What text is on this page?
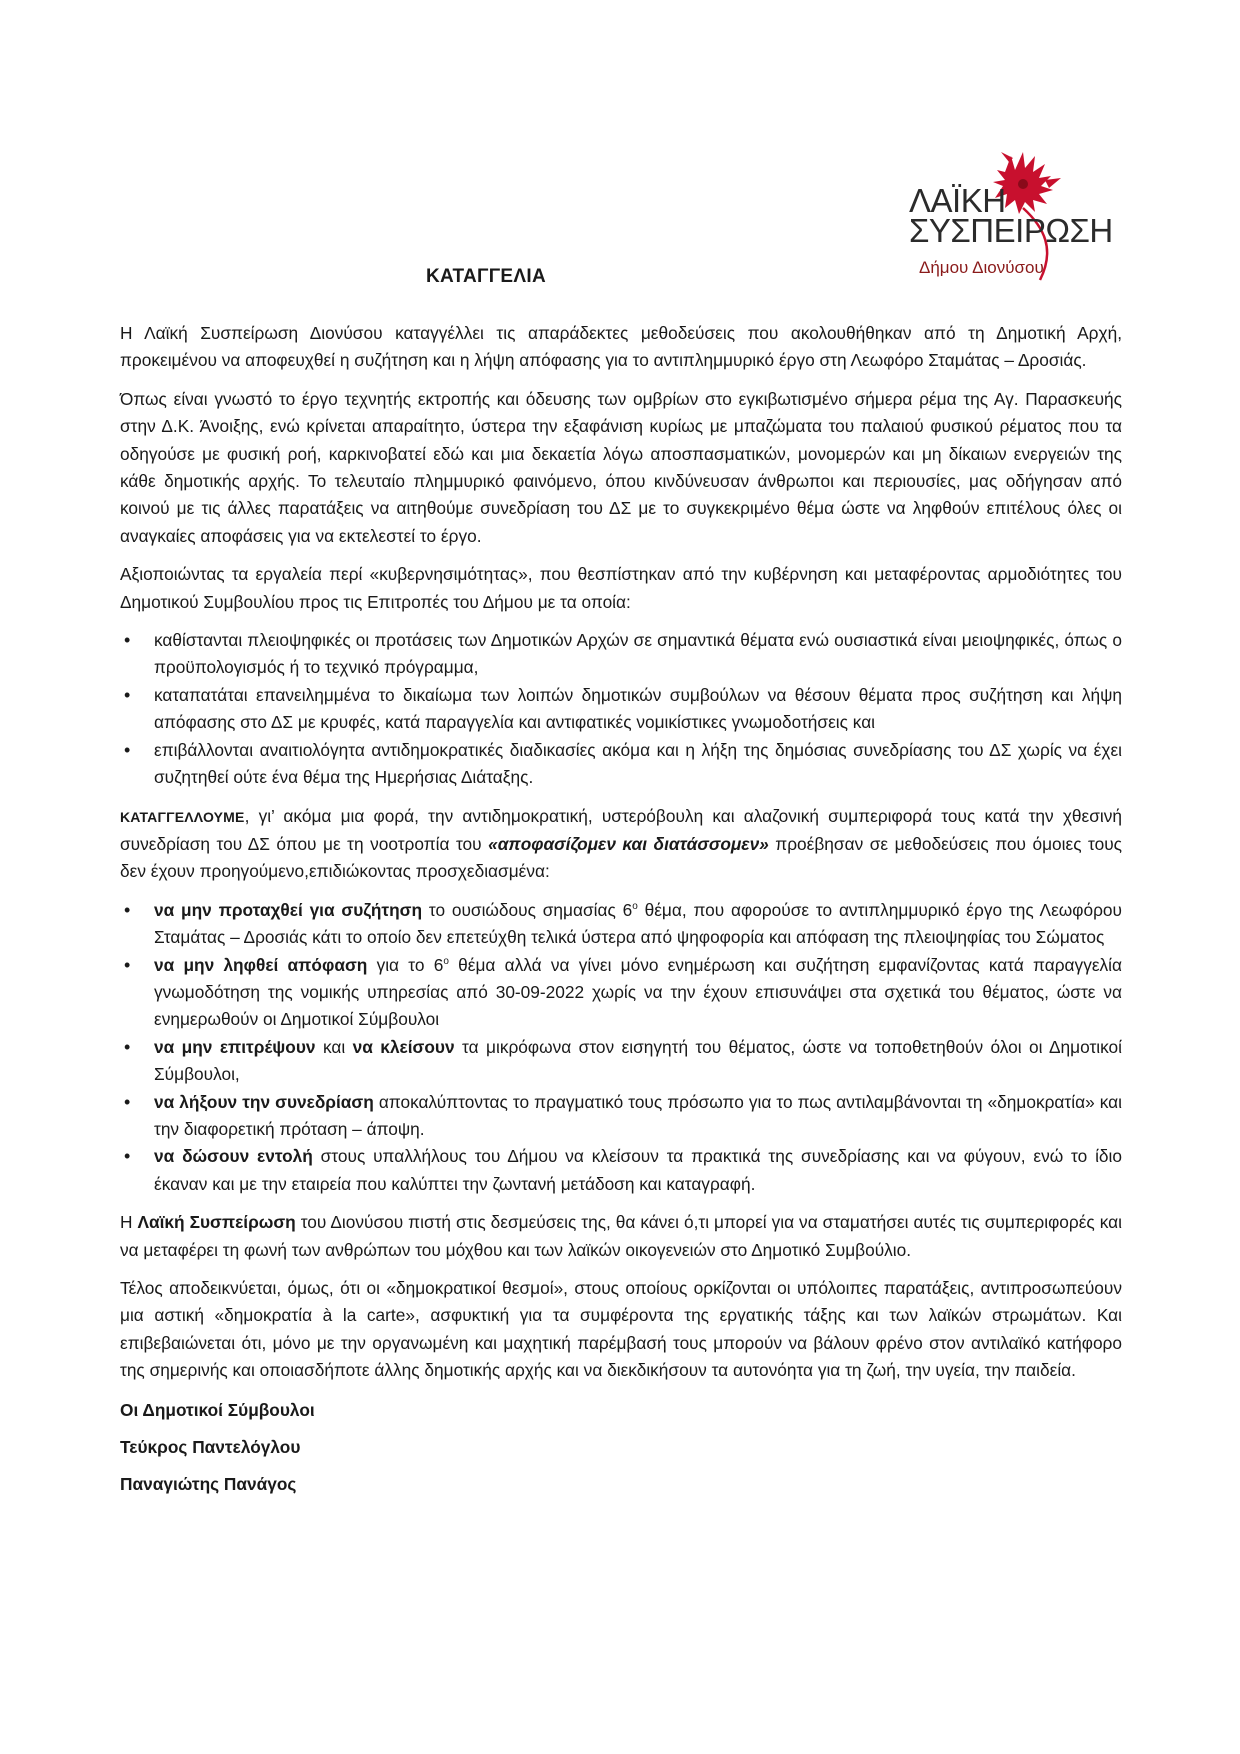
ΛΑΪΚΗ
ΣΥΣΠΕΙΡΩΣΗ
Δήμου Διονύσου
ΚΑΤΑΓΓΕΛΙΑ

Η Λαϊκή Συσπείρωση Διονύσου καταγγέλλει τις απαράδεκτες μεθοδεύσεις που ακολουθήθηκαν από τη Δημοτική Αρχή, προκειμένου να αποφευχθεί η συζήτηση και η λήψη απόφασης για το αντιπλημμυρικό έργο στη Λεωφόρο Σταμάτας – Δροσιάς.

Όπως είναι γνωστό το έργο τεχνητής εκτροπής και όδευσης των ομβρίων στο εγκιβωτισμένο σήμερα ρέμα της Αγ. Παρασκευής στην Δ.Κ. Άνοιξης, ενώ κρίνεται απαραίτητο, ύστερα την εξαφάνιση κυρίως με μπαζώματα του παλαιού φυσικού ρέματος που τα οδηγούσε με φυσική ροή, καρκινοβατεί εδώ και μια δεκαετία λόγω αποσπασματικών, μονομερών και μη δίκαιων ενεργειών της κάθε δημοτικής αρχής. Το τελευταίο πλημμυρικό φαινόμενο, όπου κινδύνευσαν άνθρωποι και περιουσίες, μας οδήγησαν από κοινού με τις άλλες παρατάξεις να αιτηθούμε συνεδρίαση του ΔΣ με το συγκεκριμένο θέμα ώστε να ληφθούν επιτέλους όλες οι αναγκαίες αποφάσεις για να εκτελεστεί το έργο.

Αξιοποιώντας τα εργαλεία περί «κυβερνησιμότητας», που θεσπίστηκαν από την κυβέρνηση και μεταφέροντας αρμοδιότητες του Δημοτικού Συμβουλίου προς τις Επιτροπές του Δήμου με τα οποία:

• καθίστανται πλειοψηφικές οι προτάσεις των Δημοτικών Αρχών σε σημαντικά θέματα ενώ ουσιαστικά είναι μειοψηφικές, όπως ο προϋπολογισμός ή το τεχνικό πρόγραμμα,
• καταπατάται επανειλημμένα το δικαίωμα των λοιπών δημοτικών συμβούλων να θέσουν θέματα προς συζήτηση και λήψη απόφασης στο ΔΣ με κρυφές, κατά παραγγελία και αντιφατικές νομικίστικες γνωμοδοτήσεις και
• επιβάλλονται αναιτιολόγητα αντιδημοκρατικές διαδικασίες ακόμα και η λήξη της δημόσιας συνεδρίασης του ΔΣ χωρίς να έχει συζητηθεί ούτε ένα θέμα της Ημερήσιας Διάταξης.

ΚΑΤΑΓΓΕΛΛΟΥΜΕ, γι’ ακόμα μια φορά, την αντιδημοκρατική, υστερόβουλη και αλαζονική συμπεριφορά τους κατά την χθεσινή συνεδρίαση του ΔΣ όπου με τη νοοτροπία του «αποφασίζομεν και διατάσσομεν» προέβησαν σε μεθοδεύσεις που όμοιες τους δεν έχουν προηγούμενο,επιδιώκοντας προσχεδιασμένα:

• να μην προταχθεί για συζήτηση το ουσιώδους σημασίας $6^o$ θέμα, που αφορούσε το αντιπλημμυρικό έργο της Λεωφόρου Σταμάτας – Δροσιάς κάτι το οποίο δεν επετεύχθη τελικά ύστερα από ψηφοφορία και απόφαση της πλειοψηφίας του Σώματος
• να μην ληφθεί απόφαση για το $6^o$ θέμα αλλά να γίνει μόνο ενημέρωση και συζήτηση εμφανίζοντας κατά παραγγελία γνωμοδότηση της νομικής υπηρεσίας από 30-09-2022 χωρίς να την έχουν επισυνάψει στα σχετικά του θέματος, ώστε να ενημερωθούν οι Δημοτικοί Σύμβουλοι
• να μην επιτρέψουν και να κλείσουν τα μικρόφωνα στον εισηγητή του θέματος, ώστε να τοποθετηθούν όλοι οι Δημοτικοί Σύμβουλοι,
• να λήξουν την συνεδρίαση αποκαλύπτοντας το πραγματικό τους πρόσωπο για το πως αντιλαμβάνονται τη «δημοκρατία» και την διαφορετική πρόταση – άποψη.
• να δώσουν εντολή στους υπαλλήλους του Δήμου να κλείσουν τα πρακτικά της συνεδρίασης και να φύγουν, ενώ το ίδιο έκαναν και με την εταιρεία που καλύπτει την ζωντανή μετάδοση και καταγραφή.

Η Λαϊκή Συσπείρωση του Διονύσου πιστή στις δεσμεύσεις της, θα κάνει ό,τι μπορεί για να σταματήσει αυτές τις συμπεριφορές και να μεταφέρει τη φωνή των ανθρώπων του μόχθου και των λαϊκών οικογενειών στο Δημοτικό Συμβούλιο.

Τέλος αποδεικνύεται, όμως, ότι οι «δημοκρατικοί θεσμοί», στους οποίους ορκίζονται οι υπόλοιπες παρατάξεις, αντιπροσωπεύουν μια αστική «δημοκρατία à la carte», ασφυκτική για τα συμφέροντα της εργατικής τάξης και των λαϊκών στρωμάτων. Και επιβεβαιώνεται ότι, μόνο με την οργανωμένη και μαχητική παρέμβασή τους μπορούν να βάλουν φρένο στον αντιλαϊκό κατήφορο της σημερινής και οποιασδήποτε άλλης δημοτικής αρχής και να διεκδικήσουν τα αυτονόητα για τη ζωή, την υγεία, την παιδεία.

Οι Δημοτικοί Σύμβουλοι
Τεύκρος Παντελόγλου
Παναγιώτης Πανάγος
